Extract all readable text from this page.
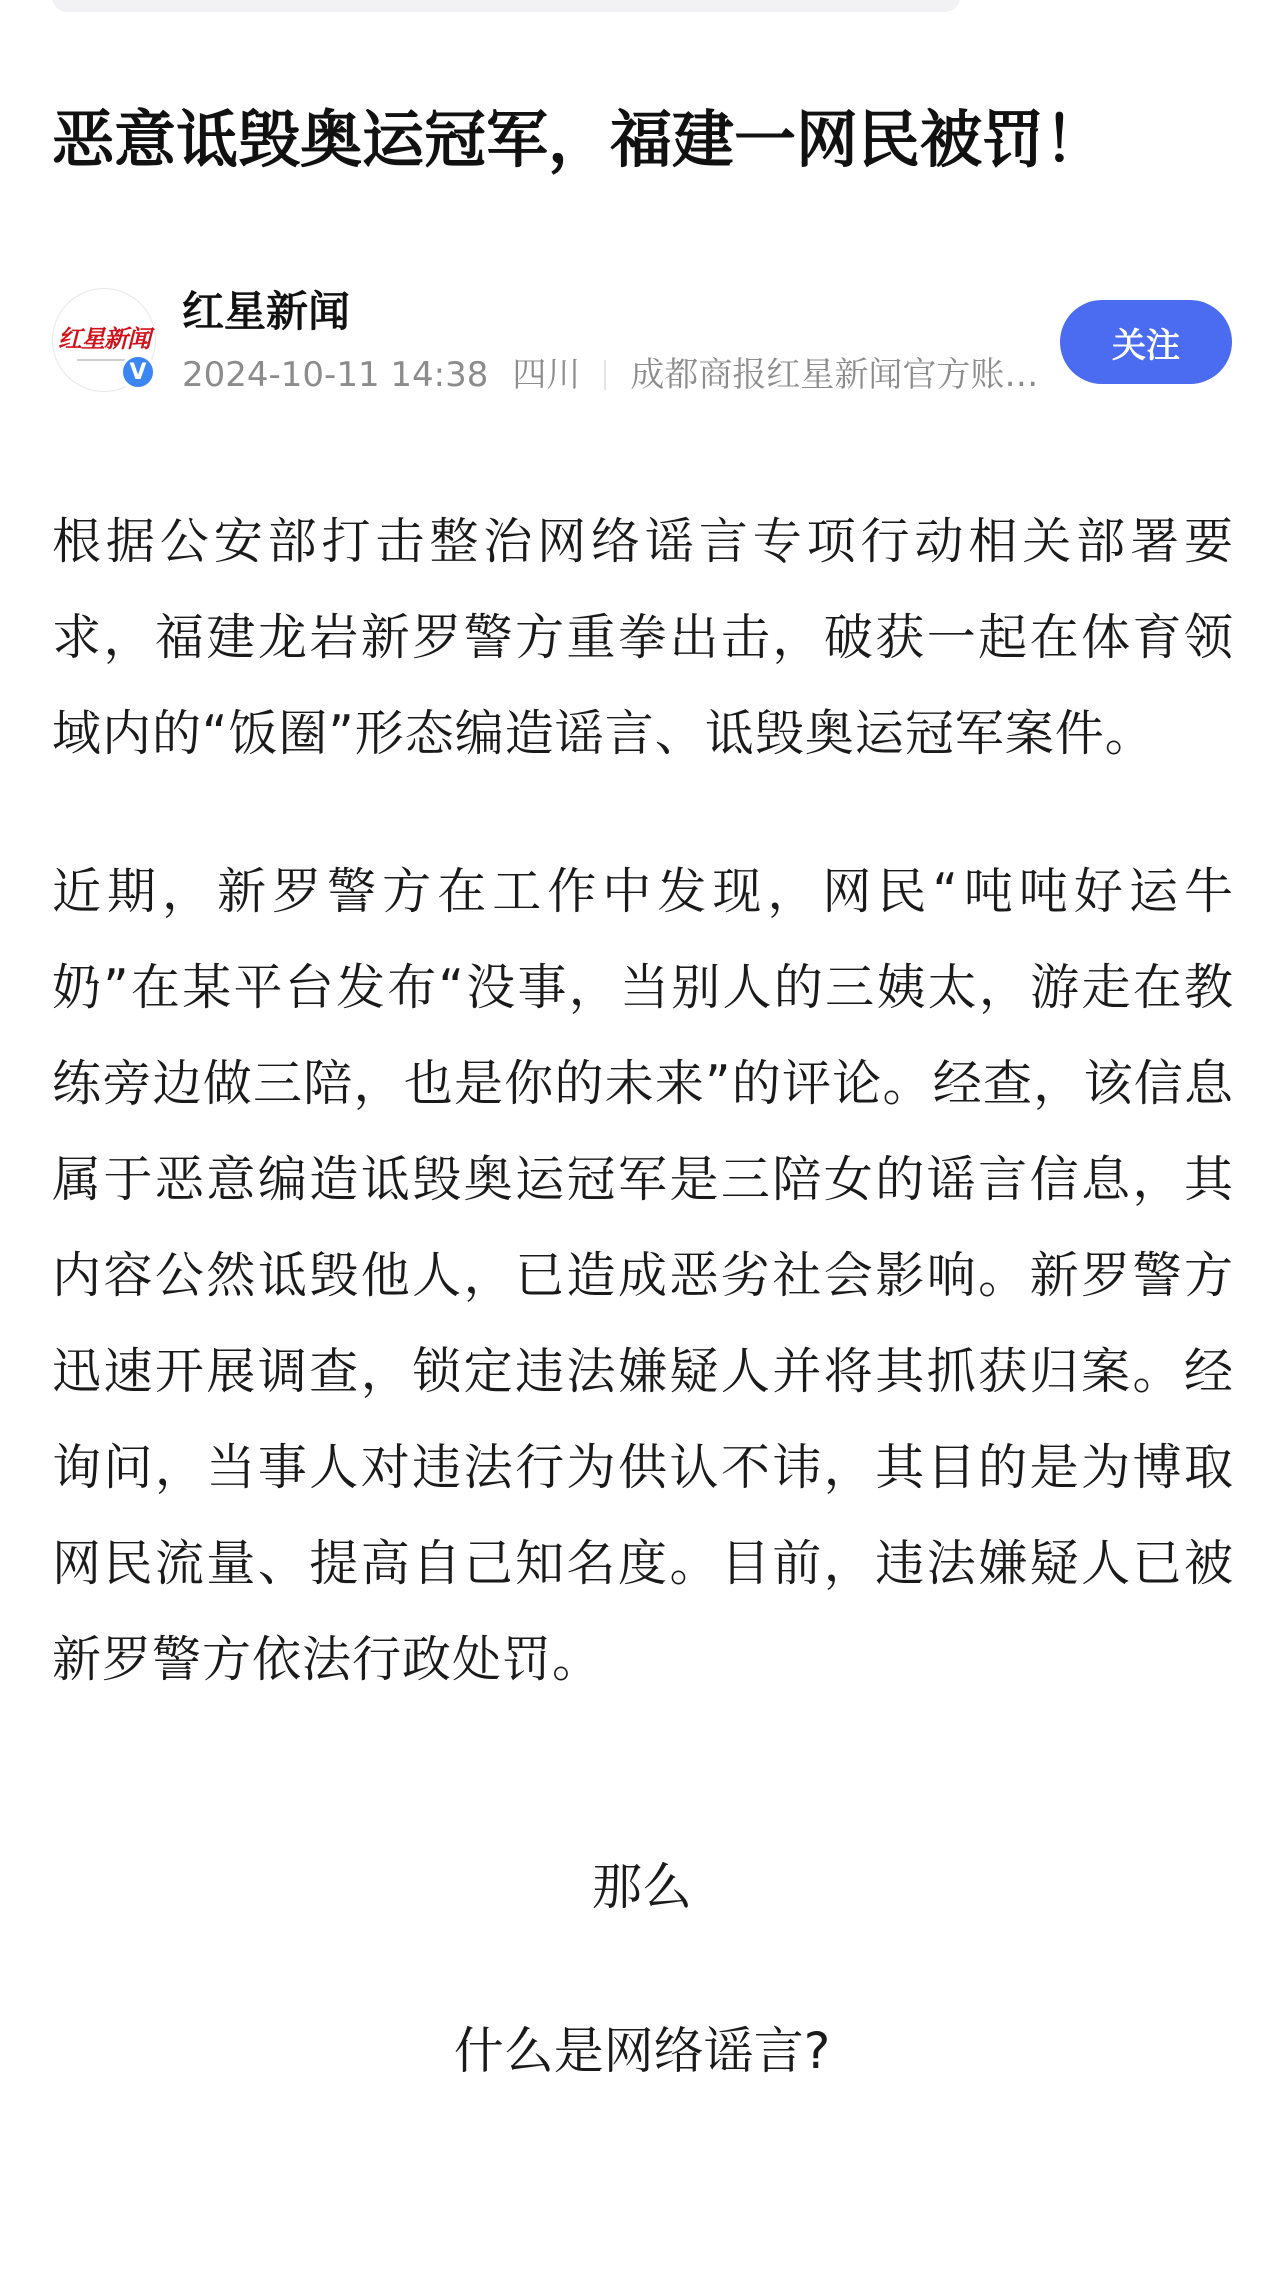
恶意诋毁奥运冠军，福建一网民被罚！
红星新闻
V
红星新闻
2024-10-11 14:38 四川 成都商报红星新闻官方账…
关注

根据公安部打击整治网络谣言专项行动相关部署要求，福建龙岩新罗警方重拳出击，破获一起在体育领域内的“饭圈”形态编造谣言、诋毁奥运冠军案件。

近期，新罗警方在工作中发现，网民“吨吨好运牛奶”在某平台发布“没事，当别人的三姨太，游走在教练旁边做三陪，也是你的未来”的评论。经查，该信息属于恶意编造诋毁奥运冠军是三陪女的谣言信息，其内容公然诋毁他人，已造成恶劣社会影响。新罗警方迅速开展调查，锁定违法嫌疑人并将其抓获归案。经询问，当事人对违法行为供认不讳，其目的是为博取网民流量、提高自己知名度。目前，违法嫌疑人已被新罗警方依法行政处罚。

那么
什么是网络谣言?
